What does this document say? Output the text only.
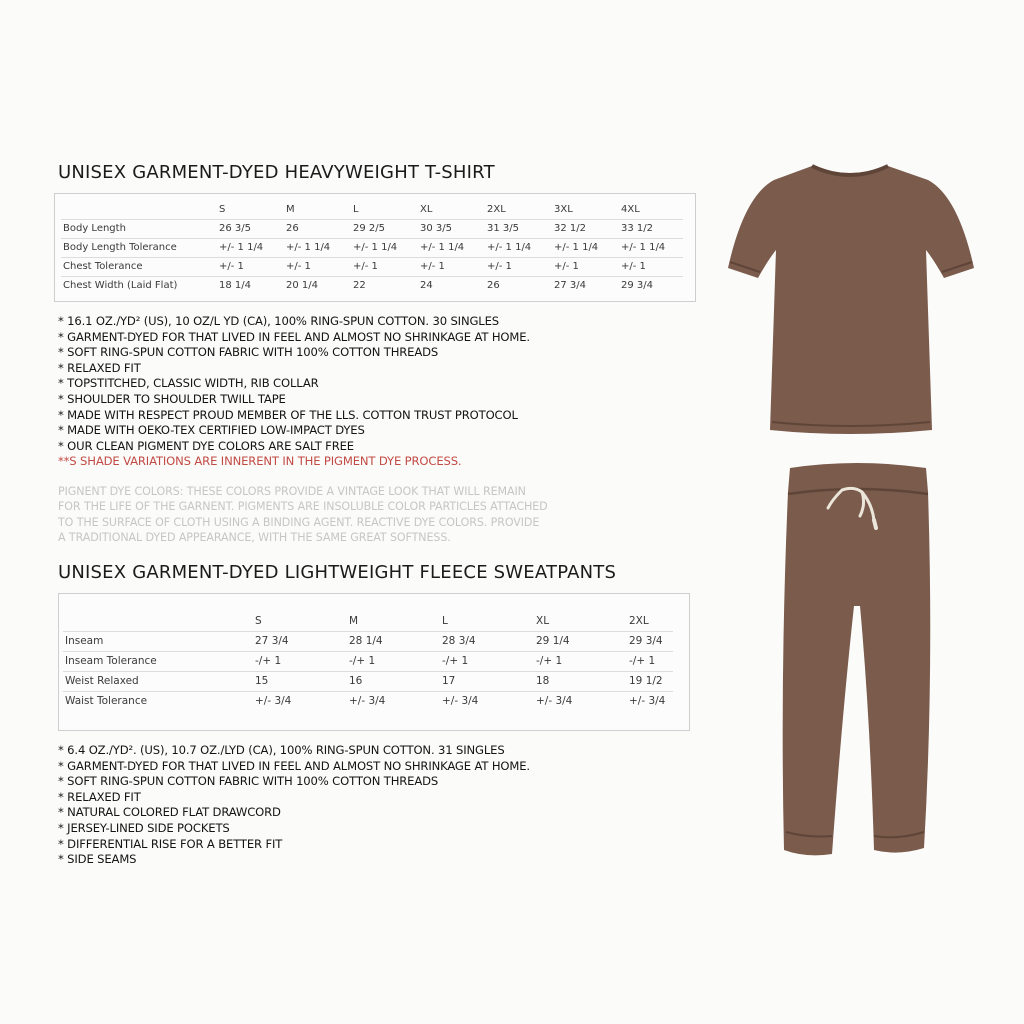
UNISEX GARMENT-DYED HEAVYWEIGHT T-SHIRT
	S	M	L	XL	2XL	3XL	4XL
Body Length	26 3/5	26	29 2/5	30 3/5	31 3/5	32 1/2	33 1/2
Body Length Tolerance	+/- 1 1/4	+/- 1 1/4	+/- 1 1/4	+/- 1 1/4	+/- 1 1/4	+/- 1 1/4	+/- 1 1/4
Chest Tolerance	+/- 1	+/- 1	+/- 1	+/- 1	+/- 1	+/- 1	+/- 1
Chest Width (Laid Flat)	18 1/4	20 1/4	22	24	26	27 3/4	29 3/4
* 16.1 OZ./YD² (US), 10 OZ/L YD (CA), 100% RING-SPUN COTTON. 30 SINGLES
* GARMENT-DYED FOR THAT LIVED IN FEEL AND ALMOST NO SHRINKAGE AT HOME.
* SOFT RING-SPUN COTTON FABRIC WITH 100% COTTON THREADS
* RELAXED FIT
* TOPSTITCHED, CLASSIC WIDTH, RIB COLLAR
* SHOULDER TO SHOULDER TWILL TAPE
* MADE WITH RESPECT PROUD MEMBER OF THE LLS. COTTON TRUST PROTOCOL
* MADE WITH OEKO-TEX CERTIFIED LOW-IMPACT DYES
* OUR CLEAN PIGMENT DYE COLORS ARE SALT FREE
**S SHADE VARIATIONS ARE INNERENT IN THE PIGMENT DYE PROCESS.
PIGNENT DYE COLORS: THESE COLORS PROVIDE A VINTAGE LOOK THAT WILL REMAIN
FOR THE LIFE OF THE GARNENT. PIGMENTS ARE INSOLUBLE COLOR PARTICLES ATTACHED
TO THE SURFACE OF CLOTH USING A BINDING AGENT. REACTIVE DYE COLORS. PROVIDE
A TRADITIONAL DYED APPEARANCE, WITH THE SAME GREAT SOFTNESS.
UNISEX GARMENT-DYED LIGHTWEIGHT FLEECE SWEATPANTS
	S	M	L	XL	2XL
Inseam	27 3/4	28 1/4	28 3/4	29 1/4	29 3/4
Inseam Tolerance	-/+ 1	-/+ 1	-/+ 1	-/+ 1	-/+ 1
Weist Relaxed	15	16	17	18	19 1/2
Waist Tolerance	+/- 3/4	+/- 3/4	+/- 3/4	+/- 3/4	+/- 3/4
* 6.4 OZ./YD². (US), 10.7 OZ./LYD (CA), 100% RING-SPUN COTTON. 31 SINGLES
* GARMENT-DYED FOR THAT LIVED IN FEEL AND ALMOST NO SHRINKAGE AT HOME.
* SOFT RING-SPUN COTTON FABRIC WITH 100% COTTON THREADS
* RELAXED FIT
* NATURAL COLORED FLAT DRAWCORD
* JERSEY-LINED SIDE POCKETS
* DIFFERENTIAL RISE FOR A BETTER FIT
* SIDE SEAMS
